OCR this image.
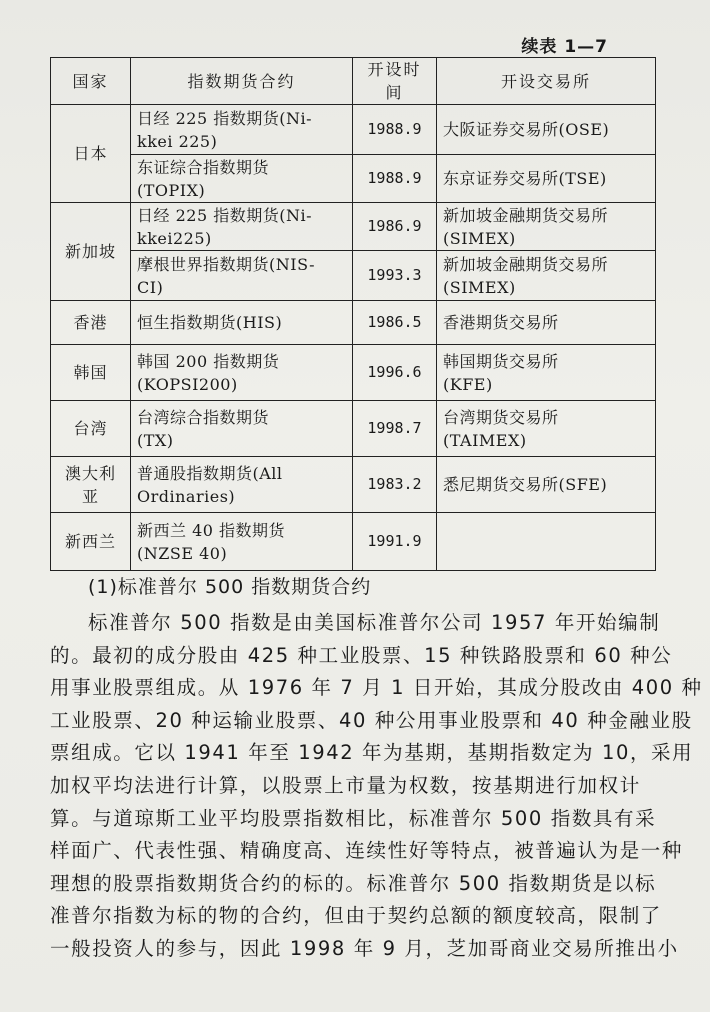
续表 1—7
国家	指数期货合约	开设时间	开设交易所
日本	日经 225 指数期货(Ni-
kkei 225)	1988.9	大阪证券交易所(OSE)

	东证综合指数期货
(TOPIX)	1988.9	东京证券交易所(TSE)

新加坡	日经 225 指数期货(Ni-
kkei225)	1986.9	新加坡金融期货交易所
(SIMEX)

	摩根世界指数期货(NIS-
CI)	1993.3	新加坡金融期货交易所
(SIMEX)

香港	恒生指数期货(HIS)	1986.5	香港期货交易所

韩国	韩国 200 指数期货
(KOPSI200)	1996.6	韩国期货交易所
(KFE)

台湾	台湾综合指数期货
(TX)	1998.7	台湾期货交易所
(TAIMEX)

澳大利亚	普通股指数期货(All
Ordinaries)	1983.2	悉尼期货交易所(SFE)

新西兰	新西兰 40 指数期货
(NZSE 40)	1991.9	

(1)标准普尔 500 指数期货合约
标准普尔 500 指数是由美国标准普尔公司 1957 年开始编制
的。最初的成分股由 425 种工业股票、15 种铁路股票和 60 种公
用事业股票组成。从 1976 年 7 月 1 日开始，其成分股改由 400 种
工业股票、20 种运输业股票、40 种公用事业股票和 40 种金融业股
票组成。它以 1941 年至 1942 年为基期，基期指数定为 10，采用
加权平均法进行计算，以股票上市量为权数，按基期进行加权计
算。与道琼斯工业平均股票指数相比，标准普尔 500 指数具有采
样面广、代表性强、精确度高、连续性好等特点，被普遍认为是一种
理想的股票指数期货合约的标的。标准普尔 500 指数期货是以标
准普尔指数为标的物的合约，但由于契约总额的额度较高，限制了
一般投资人的参与，因此 1998 年 9 月，芝加哥商业交易所推出小
